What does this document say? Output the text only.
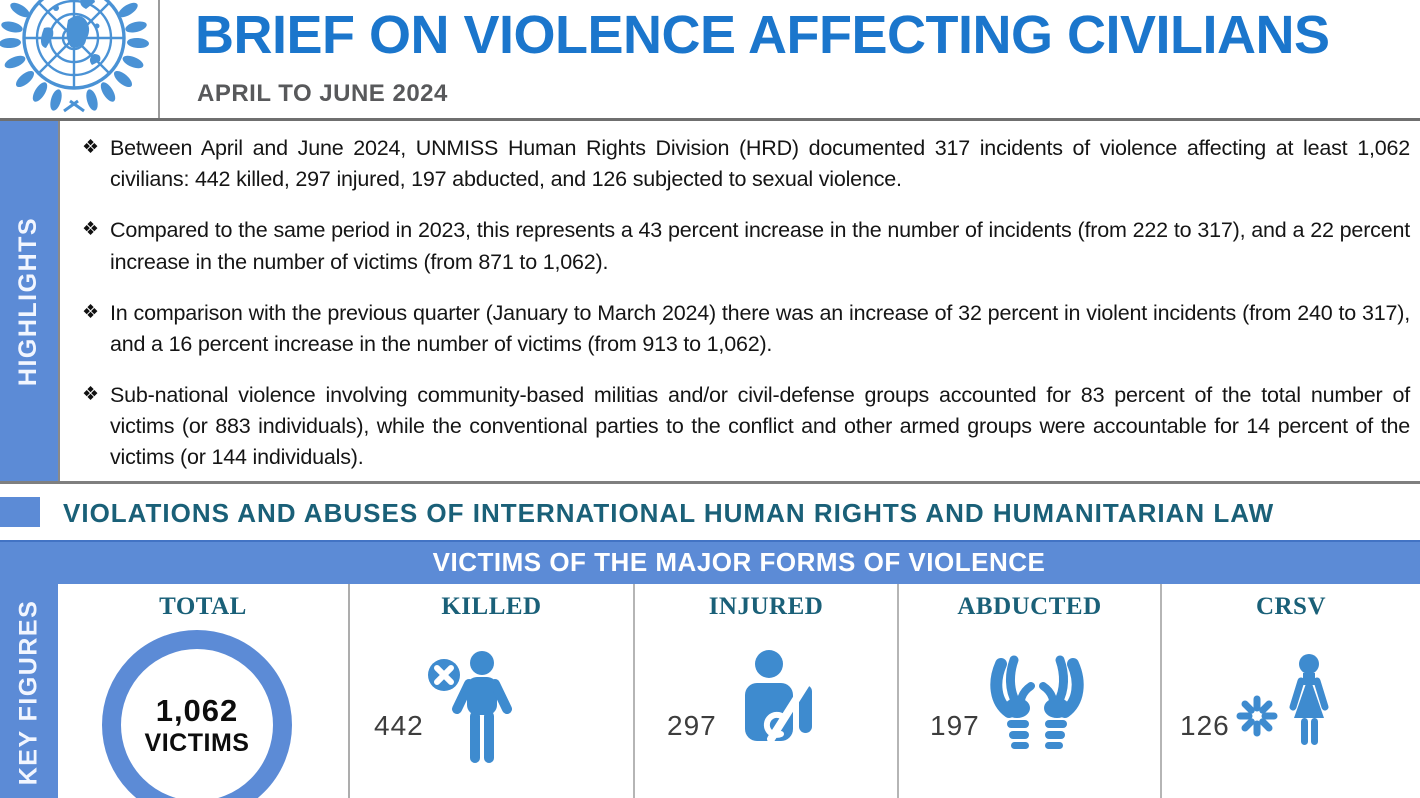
BRIEF ON VIOLENCE AFFECTING CIVILIANS
APRIL TO JUNE 2024
HIGHLIGHTS
❖ Between April and June 2024, UNMISS Human Rights Division (HRD) documented 317 incidents of violence affecting at least 1,062 civilians: 442 killed, 297 injured, 197 abducted, and 126 subjected to sexual violence.
❖ Compared to the same period in 2023, this represents a 43 percent increase in the number of incidents (from 222 to 317), and a 22 percent increase in the number of victims (from 871 to 1,062).
❖ In comparison with the previous quarter (January to March 2024) there was an increase of 32 percent in violent incidents (from 240 to 317), and a 16 percent increase in the number of victims (from 913 to 1,062).
❖ Sub-national violence involving community-based militias and/or civil-defense groups accounted for 83 percent of the total number of victims (or 883 individuals), while the conventional parties to the conflict and other armed groups were accountable for 14 percent of the victims (or 144 individuals).
VIOLATIONS AND ABUSES OF INTERNATIONAL HUMAN RIGHTS AND HUMANITARIAN LAW
VICTIMS OF THE MAJOR FORMS OF VIOLENCE
KEY FIGURES	TOTAL
1,062
VICTIMS
KILLED
442
INJURED
297
ABDUCTED
197
CRSV
126
